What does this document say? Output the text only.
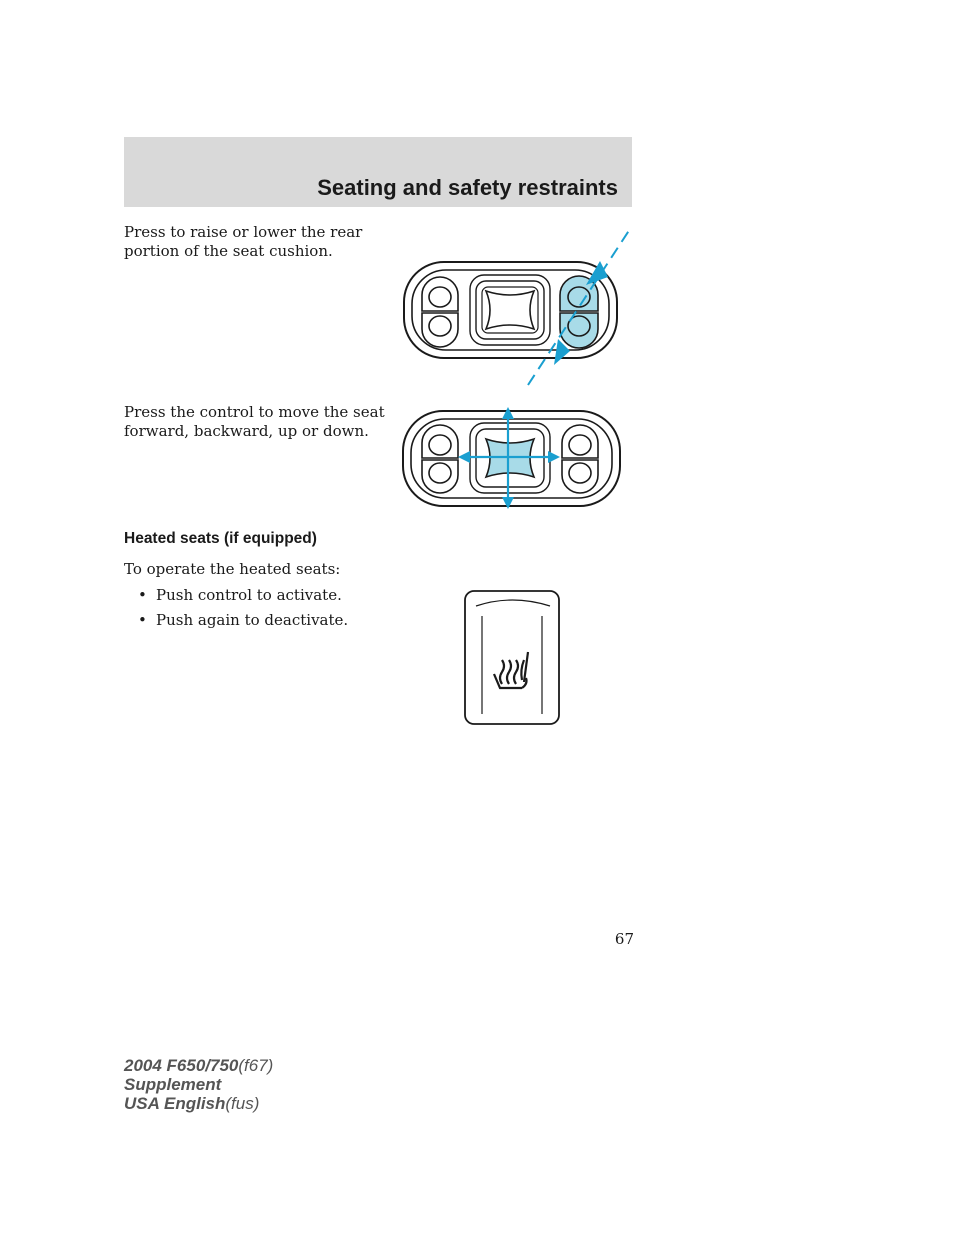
Seating and safety restraints
Press to raise or lower the rear
portion of the seat cushion.
Press the control to move the seat
forward, backward, up or down.
Heated seats (if equipped)
To operate the heated seats:
• Push control to activate.
• Push again to deactivate.
67
2004 F650/750(f67)
Supplement
USA English(fus)
